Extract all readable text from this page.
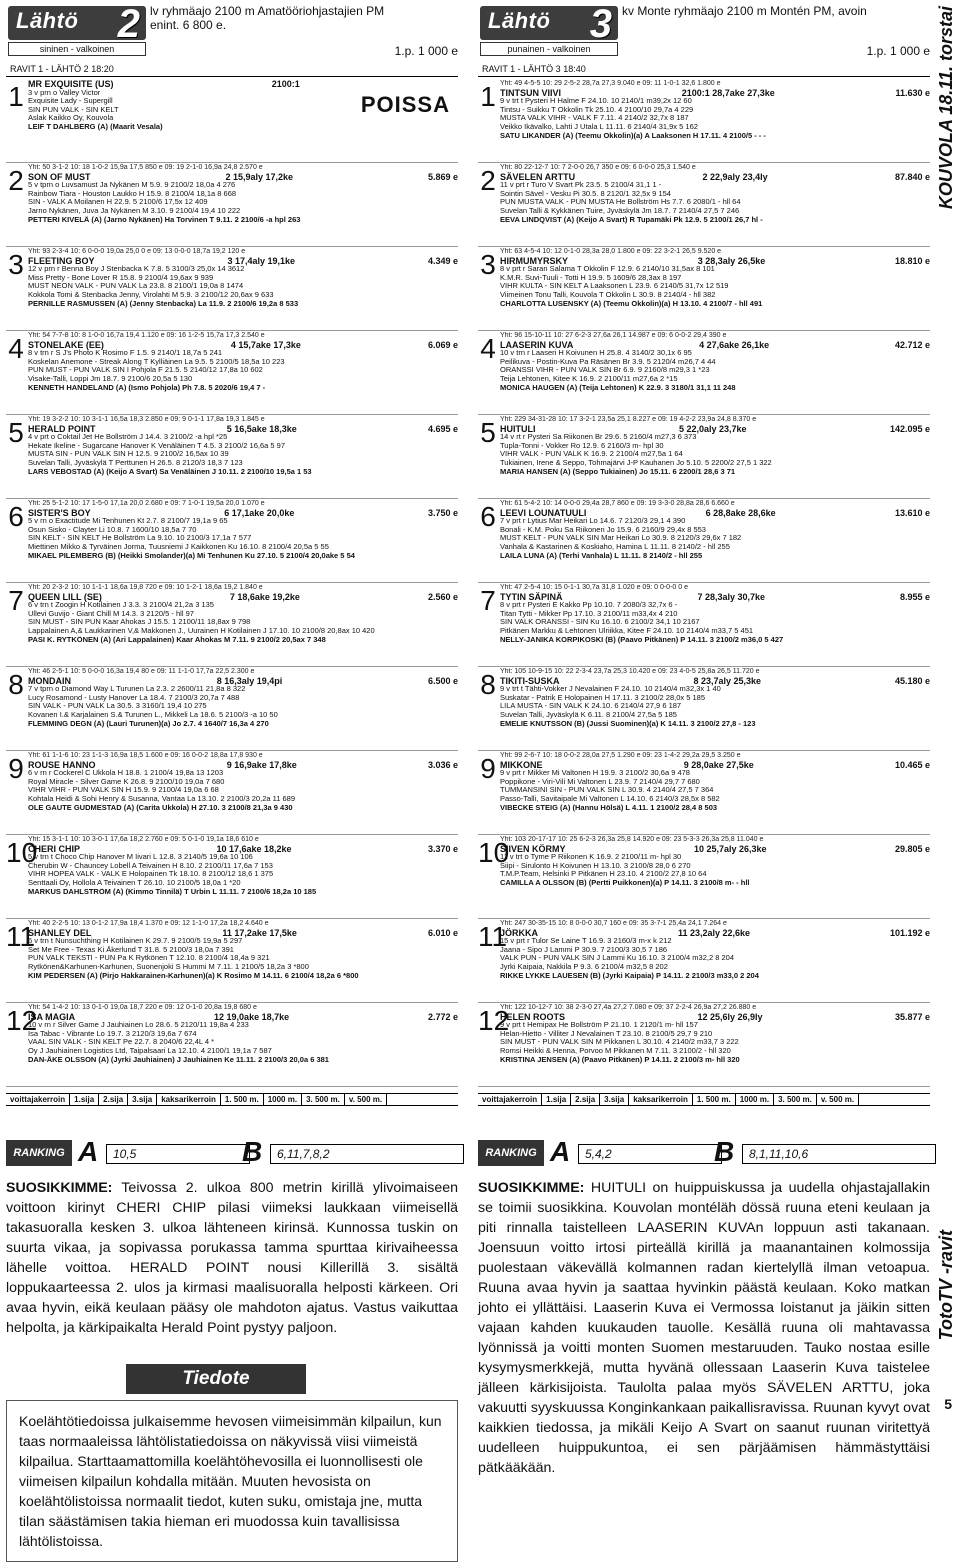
Lähtö 2
sininen - valkoinen
lv ryhmäajo 2100 m Amatööriohjastajien PM
enint. 6 800 e.
1.p. 1 000 e
RAVIT 1 - LÄHTÖ 2 18:20
1 MR EXQUISITE (US)	2100:1
3 v prn o Valley Victor
Exquisite Lady - Supergill
SIN PUN VALK - SIN KELT
Aslak Kaikko Oy, Kouvola
LEIF T DAHLBERG (A) (Maarit Vesala)
POISSA
2 Yht: 50 3-1-2 10: 18 1-0-2 15,9a 17,5 850 e 09: 19 2-1-0 16,9a 24,8 2.570 e
SON OF MUST	2 15,9aly 17,2ke	5.869 e
5 v tprn o Luvsamust Ja Nykänen M 5.9. 9 2100/2 18,0a 4 276
Rainbow Tiara - Houston Laukko H 15.9. 8 2100/4 18,1a 8 668
SIN - VALK A Moilanen H 22.9. 5 2100/6 17,5x 12 409
Jarno Nykänen, Juva Ja Nykänen M 3.10. 9 2100/4 19,4 10 222
PETTERI KIVELÄ (A) (Jarno Nykänen) Ha Torvinen T 9.11. 2 2100/6 -a hpl 263
3 Yht: 93 2-3-4 10: 6 0-0-0 19,0a 25,0 0 e 09: 13 0-0-0 18,7a 19,2 120 e
FLEETING BOY	3 17,4aly 19,1ke	4.349 e
12 v prn r Benna Boy J Stenbacka K 7.8. 5 3100/3 25,0x 14 3612
Miss Pretty - Bone Lover R 15.8. 9 2100/4 19,6ax 9 939
MUST NEON VALK - PUN VALK La 23.8. 8 2100/1 19,0a 8 1474
Kokkola Tomi & Stenbacka Jenny, Virolahti M 5.9. 3 2100/12 20,6ax 9 633
PERNILLE RASMUSSEN (A) (Jenny Stenbacka) La 11.9. 2 2100/6 19,2a 8 533
4 Yht: 54 7-7-8 10: 8 1-0-0 16,7a 19,4 1.120 e 09: 16 1-2-5 15,7a 17,3 2.540 e
STONELAKE (EE)	4 15,7ake 17,3ke	6.069 e
8 v trn r S J's Photo K Rosimo F 1.5. 9 2140/1 18,7a 5 241
Koskelan Anemone - Streak Along T Kylliäinen La 9.5. 5 2100/5 18,5a 10 223
PUN MUST - PUN VALK SIN I Pohjola F 21.5. 5 2140/12 17,8a 10 602
Visake-Talli, Loppi Jm 18.7. 9 2100/6 20,5a 5 130
KENNETH HANDELAND (A) (Ismo Pohjola) Ph 7.8. 5 2020/6 19,4 7 -
5 Yht: 19 3-2-2 10: 10 3-1-1 16,5a 18,3 2.850 e 09: 9 0-1-1 17,8a 19,3 1.845 e
HERALD POINT	5 16,5ake 18,3ke	4.695 e
4 v prt o Coktail Jet He Bollström J 14.4. 3 2100/2 -a hpl *25
Hekate Ikeline - Sugarcane Hanover K Venäläinen T 4.5. 3 2100/2 16,6a 5 97
MUSTA SIN - PUN VALK SIN H 12.5. 9 2100/2 16,5ax 10 39
Suvelan Talli, Jyväskylä T Perttunen H 26.5. 8 2120/3 18,3 7 123
LARS VEBOSTAD (A) (Keijo A Svart) Sa Venäläinen J 10.11. 2 2100/10 19,5a 1 53
6 Yht: 25 5-1-2 10: 17 1-5-0 17,1a 20,0 2.680 e 09: 7 1-0-1 19,5a 20,0 1.070 e
SISTER'S BOY	6 17,1ake 20,0ke	3.750 e
5 v rn o Exactitude Mi Tenhunen Kt 2.7. 8 2100/7 19,1a 9 65
Osun Sisko - Clayter Li 10.8. 7 1600/10 18,5a 7 70
SIN KELT - SIN KELT He Bollström La 9.10. 10 2100/3 17,1a 7 577
Miettinen Mikko & Tyrväinen Jorma, Tuusniemi J Kaikkonen Ku 16.10. 8 2100/4 20,5a 5 55
MIKAEL PILEMBERG (B) (Heikki Smolander)(a) Mi Tenhunen Ku 27.10. 5 2100/4 20,0ake 5 54
7 Yht: 20 2-3-2 10: 10 1-1-1 18,6a 19,8 720 e 09: 10 1-2-1 18,6a 19,2 1.840 e
QUEEN LILL (SE)	7 18,6ake 19,2ke	2.560 e
6 v trn t Zoogin H Kotilainen J 3.3. 3 2100/4 21,2a 3 135
Ullevi Guvijo - Giant Chill M 14.3. 3 2120/5 - hll 97
SIN MUST - SIN PUN Kaar Ahokas J 15.5. 1 2100/11 18,8ax 9 798
Lappalainen A,& Laukkarinen V,& Makkonen J., Uurainen H Kotilainen J 17.10. 10 2100/8 20,8ax 10 420
PASI K. RYTKÖNEN (A) (Ari Lappalainen) Kaar Ahokas M 7.11. 9 2100/2 20,5ax 7 348
8 Yht: 46 2-5-1 10: 5 0-0-0 16,3a 19,4 80 e 09: 11 1-1-0 17,7a 22,5 2.300 e
MONDAIN	8 16,3aly 19,4pi	6.500 e
7 v tprn o Diamond Way L Turunen La 2.3. 2 2600/11 21,8a 8 322
Lucy Rosamond - Lusty Hanover La 18.4. 7 2100/3 20,7a 7 488
SIN VALK - PUN VALK La 30.5. 3 3160/1 19,4 10 275
Kovanen I.& Karjalainen S.& Turunen L., Mikkeli La 18.6. 5 2100/3 -a 10 50
FLEMMING DEGN (A) (Lauri Turunen)(a) Jo 2.7. 4 1640/7 16,3a 4 270
9 Yht: 61 1-1-6 10: 23 1-1-3 16,9a 18,5 1.600 e 09: 16 0-0-2 18,8a 17,8 930 e
ROUSE HANNO	9 16,9ake 17,8ke	3.036 e
6 v rn r Cockerel C Ukkola H 18.8. 1 2100/4 19,8a 13 1203
Royal Miracle - Silver Game K 26.8. 9 2100/10 19,0a 7 680
VIHR VIHR - PUN VALK SIN H 15.9. 9 2100/4 19,0a 6 68
Kohtala Heidi & Sohi Henry & Susanna, Vantaa La 13.10. 2 2100/3 20,2a 11 689
OLE GAUTE GUDMESTAD (A) (Carita Ukkola) H 27.10. 3 2100/8 21,3a 9 430
10
Yht: 15 3-1-1 10: 10 3-0-1 17,6a 18,2 2.760 e 09: 5 0-1-0 19,1a 18,6 610 e
CHERI CHIP	10 17,6ake 18,2ke	3.370 e
5 v trn t Choco Chip Hanover M Iivari L 12.8. 3 2140/5 19,6a 10 106
Cherubin W - Chauncey Lobell A Teivainen H 8.10. 2 2100/11 17,6a 7 153
VIHR HOPEA VALK - VALK E Holopainen Tk 18.10. 8 2100/12 18,6 1 375
Senttaali Oy, Hollola A Teivainen T 26.10. 10 2100/5 18,0a 1 *20
MARKUS DAHLSTRÖM (A) (Kimmo Tinnilä) T Urbin L 11.11. 7 2100/6 18,2a 10 185
11
Yht: 40 2-2-5 10: 13 0-1-2 17,9a 18,4 1.370 e 09: 12 1-1-0 17,2a 18,2 4.640 e
SHANLEY DEL	11 17,2ake 17,5ke	6.010 e
6 v trn t Nunsuchthing H Kotilainen K 29.7. 9 2100/5 19,9a 5 297
Set Me Free - Texas Ki Åkerlund T 31.8. 5 2100/3 18,0a 7 391
PUN VALK TEKSTI - PUN Pa K Rytkönen T 12.10. 8 2100/4 18,4a 9 321
Rytkönen&Karhunen-Karhunen, Suonenjoki S Hummi M 7.11. 1 2100/5 18,2a 3 *800
KIM PEDERSEN (A) (Pirjo Hakkarainen-Karhunen)(a) K Rosimo M 14.11. 6 2100/4 18,2a 6 *800
12
Yht: 54 1-4-2 10: 13 0-1-0 19,0a 18,7 220 e 09: 12 0-1-0 20,8a 19,8 680 e
ISA MAGIA	12 19,0ake 18,7ke	2.772 e
10 v rn r Silver Game J Jauhiainen Lo 28.6. 5 2120/11 19,8a 4 233
Isa Tabac - Vibrante Lo 19.7. 3 2120/3 19,6a 7 674
VAAL SIN VALK - SIN KELT Pe 22.7. 8 2040/6 22,4L 4 *
Oy J Jauhiainen Logistics Ltd, Taipalsaari La 12.10. 4 2100/1 19,1a 7 587
DAN-ÅKE OLSSON (A) (Jyrki Jauhiainen) J Jauhiainen Ke 11.11. 2 2100/3 20,0a 6 381
voittajakerroin	1.sija	2.sija	3.sija	kaksarikerroin	1. 500 m.	1000 m.	3. 500 m.	v. 500 m.
RANKING A	10,5	B	6,11,7,8,2
SUOSIKKIMME: Teivossa 2. ulkoa 800 metrin kirillä ylivoimaiseen voittoon kirinyt CHERI CHIP pilasi viimeksi laukkaan viimeisellä takasuoralla kesken 3. ulkoa lähteneen kirinsä. Kunnossa tuskin on suurta vikaa, ja sopivassa porukassa tamma spurttaa kirivaiheessa lähelle voittoa. HERALD POINT nousi Killerillä 3. sisältä loppukaarteessa 2. ulos ja kirmasi maalisuoralla helposti kärkeen. Ori avaa hyvin, eikä keulaan pääsy ole mahdoton ajatus. Vastus vaikuttaa helpolta, ja kärkipaikalta Herald Point pystyy paljoon.
Tiedote
Koelähtötiedoissa julkaisemme hevosen viimeisimmän kilpailun, kun taas normaaleissa lähtölistatiedoissa on näkyvissä viisi viimeistä kilpailua. Starttaamattomilla koelähtöhevosilla ei luonnollisesti ole viimeisen kilpailun kohdalla mitään. Muuten hevosista on koelähtölistoissa normaalit tiedot, kuten suku, omistaja jne, mutta tilan säästämisen takia hieman eri muodossa kuin tavallisissa lähtölistoissa.
Lähtö 3
punainen - valkoinen
kv Monte ryhmäajo 2100 m Montén PM, avoin
1.p. 1 000 e
RAVIT 1 - LÄHTÖ 3 18:40
1 Yht: 49 4-5-5 10: 29 2-5-2 28,7a 27,3 9.040 e 09: 11 1-0-1 32,6 1.800 e
TINTSUN VIIVI	2100:1 28,7ake 27,3ke	11.630 e
9 v trt t Pysteri H Halme F 24.10. 10 2140/1 m39,2x 12 60
Tintsu - Suikku T Okkolin Tk 25.10. 4 2100/10 29,7a 4 229
MUSTA VALK VIHR - VALK F 7.11. 4 2140/2 32,7x 8 187
Veikko Ikävalko, Lahti J Utala L 11.11. 6 2140/4 31,9x 5 162
SATU LIKANDER (A) (Teemu Okkolin)(a) A Laaksonen H 17.11. 4 2100/5 - - -
2 Yht: 80 22-12-7 10: 7 2-0-0 26,7 350 e 09: 6 0-0-0 25,3 1.540 e
SÄVELEN ARTTU	2 22,9aly 23,4ly	87.840 e
11 v prt r Turo V Svart Pk 23.5. 5 2100/4 31,1 1 -
Sointin Sävel - Vesku Pi 30.5. 8 2120/1 32,5x 9 154
PUN MUSTA VALK - PUN MUSTA He Bollström Hs 7.7. 6 2080/1 - hll 64
Suvelan Talli & Kykkänen Tuire, Jyväskylä Jm 18.7. 7 2140/4 27,5 7 246
EEVA LINDQVIST (A) (Keijo A Svart) R Tupamäki Pk 12.9. 5 2100/1 26,7 hl -
3 Yht: 63 4-5-4 10: 12 0-1-0 28,3a 28,0 1.800 e 09: 22 3-2-1 26,5 9.520 e
HIRMUMYRSKY	3 28,3aly 26,5ke	18.810 e
8 v prt r Saran Salama T Okkolin F 12.9. 6 2140/10 31,5ax 8 101
K.M.R. Suvi-Tuuli - Totti H 19.9. 5 1609/6 28,3ax 8 197
VIHR KULTA - SIN KELT A Laaksonen L 23.9. 6 2140/5 31,7x 12 519
Viimeinen Tonu Talli, Kouvola T Okkolin L 30.9. 8 2140/4 - hll 382
CHARLOTTA LUSENSKY (A) (Teemu Okkolin)(a) H 13.10. 4 2100/7 - hll 491
4 Yht: 96 15-10-11 10: 27 6-2-3 27,6a 26,1 14.987 e 09: 6 0-0-2 29,4 390 e
LAASERIN KUVA	4 27,6ake 26,1ke	42.712 e
10 v trn r Laaseri H Koivunen H 25.8. 4 3140/2 30,1x 6 95
Peilikuva - Postin-Kuva Pa Räsänen Br 3.9. 5 2120/4 m26,7 4 44
ORANSSI VIHR - PUN VALK SIN Br 6.9. 9 2160/8 m29,3 1 *23
Teija Lehtonen, Kitee K 16.9. 2 2100/11 m27,6a 2 *15
MONICA HAUGEN (A) (Teija Lehtonen) K 22.9. 3 3180/1 31,1 11 248
5 Yht: 229 34-31-28 10: 17 3-2-1 23,5a 25,1 8.227 e 09: 19 4-2-2 23,9a 24,8 8.370 e
HUITULI	5 22,0aly 23,7ke	142.095 e
14 v rt r Pysteri Sa Riikonen Br 29.6. 5 2160/4 m27,3 6 373
Tupla-Tonni - Vokker Ro 12.9. 6 2160/3 m- hpl 30
VIHR VALK - PUN VALK K 16.9. 2 2100/4 m27,5a 1 64
Tukiainen, Irene & Seppo, Tohmajärvi J-P Kauhanen Jo 5.10. 5 2200/2 27,5 1 322
MARIA HANSEN (A) (Seppo Tukiainen) Jo 15.11. 6 2200/1 28,6 3 71
6 Yht: 61 5-4-2 10: 14 0-0-0 29,4a 28,7 860 e 09: 19 3-3-0 28,8a 28,6 6.660 e
LEEVI LOUNATUULI	6 28,8ake 28,6ke	13.610 e
7 v prt r Lytius Mar Heikari Lo 14.6. 7 2120/3 29,1 4 390
Bonali - K.M. Poku Sa Riikonen Jo 15.9. 6 2160/9 29,4x 8 553
MUST KELT - PUN VALK SIN Mar Heikari Lo 30.9. 8 2120/3 29,6x 7 182
Vanhala & Kastarinen & Koskiaho, Hamina L 11.11. 8 2140/2 - hll 255
LAILA LUNA (A) (Terhi Vanhala) L 11.11. 8 2140/2 - hll 255
7 Yht: 47 2-5-4 10: 15 0-1-1 30,7a 31,8 1.020 e 09: 0 0-0-0 0 e
TYTIN SÄPINÄ	7 28,3aly 30,7ke	8.955 e
8 v prt r Pysteri E Kakko Pp 10.10. 7 2080/3 32,7x 6 -
Titan Tytti - Mikker Pp 17.10. 3 2100/11 m33,4x 4 210
SIN VALK ORANSSI - SIN Ku 16.10. 6 2100/2 34,1 10 2167
Pitkänen Markku & Lehtonen Ulriikka, Kitee F 24.10. 10 2140/4 m33,7 5 451
NELLY-JANIKA KORPIKOSKI (B) (Paavo Pitkänen) P 14.11. 3 2100/2 m36,0 5 427
8 Yht: 105 10-9-15 10: 22 2-3-4 23,7a 25,3 10.420 e 09: 23 4-0-5 25,8a 26,5 11.720 e
TIKITI-SUSKA	8 23,7aly 25,3ke	45.180 e
9 v trt t Tähti-Vokker J Nevalainen F 24.10. 10 2140/4 m32,3x 1 40
Suskatar - Patrik E Holopainen H 17.11. 3 2100/2 28,0x 5 185
LILA MUSTA - SIN VALK K 24.10. 6 2140/4 27,9 6 187
Suvelan Talli, Jyväskylä K 6.11. 8 2100/4 27,5a 5 185
EMELIE KNUTSSON (B) (Jussi Suominen)(a) K 14.11. 3 2100/2 27,8 - 123
9 Yht: 99 2-6-7 10: 18 0-0-2 28,0a 27,5 1.290 e 09: 23 1-4-2 29,2a 29,5 3.250 e
MIKKONE	9 28,0ake 27,5ke	10.465 e
9 v prt r Mikker Mi Valtonen H 19.9. 3 2100/2 30,6a 9 478
Poppikone - Viri-Vili Mi Valtonen L 23.9. 7 2140/4 29,7 7 680
TUMMANSINI SIN - PUN VALK SIN L 30.9. 4 2140/4 27,5 7 364
Passo-Talli, Savitaipale Mi Valtonen L 14.10. 6 2140/3 28,5x 8 582
VIBECKE STEIG (A) (Hannu Hölsä) L 4.11. 1 2100/2 28,4 8 503
10
Yht: 103 20-17-17 10: 25 6-2-3 26,3a 25,8 14.920 e 09: 23 5-3-3 26,3a 25,8 11.040 e
SIIVEN KÖRMY	10 25,7aly 26,3ke	29.805 e
11 v trt o Tyme P Riikonen K 16.9. 2 2100/11 m- hpl 30
Siipi - Sirulonto H Koivunen H 13.10. 3 2100/8 28,0 6 270
T.M.P.Team, Helsinki P Pitkänen H 23.10. 4 2100/2 27,8 10 64
CAMILLA A OLSSON (B) (Pertti Puikkonen)(a) P 14.11. 3 2100/8 m- - hll
11
Yht: 247 30-35-15 10: 8 0-0-0 30,7 160 e 09: 35 3-7-1 25,4a 24,1 7.264 e
JÖRKKA	11 23,2aly 22,6ke	101.192 e
15 v prt r Tulor Se Laine T 16.9. 3 2160/3 m-x k 212
Jaana - Sipo J Lammi P 30.9. 7 2100/3 30,5 7 186
VALK PUN - PUN VALK SIN J Lammi Ku 16.10. 3 2100/4 m32,2 8 204
Jyrki Kaipaia, Nakkila P 9.3. 6 2100/4 m32,5 8 202
RIKKE LYKKE LAUESEN (B) (Jyrki Kaipaia) P 14.11. 2 2100/3 m33,0 2 204
12
Yht: 122 10-12-7 10: 38 2-3-0 27,4a 27,2 7.080 e 09: 37 2-2-4 26,9a 27,2 26.880 e
HELEN ROOTS	12 25,6ly 26,9ly	35.877 e
9 v prt t Hemipax He Bollström P 21.10. 1 2120/1 m- hll 157
Helan-Hietto - Villiter J Nevalainen T 23.10. 8 2100/5 29,7 9 210
SIN MUST - PUN VALK SIN M Pikkanen L 30.10. 4 2140/2 m33,7 3 222
Romsi Heikki & Henna, Porvoo M Pikkanen M 7.11. 3 2100/2 - hll 320
KRISTINA JENSEN (A) (Paavo Pitkänen) P 14.11. 2 2100/3 m- hll 320
voittajakerroin	1.sija	2.sija	3.sija	kaksarikerroin	1. 500 m.	1000 m.	3. 500 m.	v. 500 m.
RANKING A	5,4,2	B	8,1,11,10,6
SUOSIKKIMME: HUITULI on huippuiskussa ja uudella ohjastajallakin se toimii suosikkina. Kouvolan montéläh dössä ruuna eteni keulaan ja piti rinnalla taistelleen LAASERIN KUVAn loppuun asti takanaan. Joensuun voitto irtosi pirteällä kirillä ja maanantainen kolmossija puolestaan väkevällä kolmannen radan kiertelyllä ilman vetoapua. Ruuna avaa hyvin ja saattaa hyvinkin päästä keulaan. Koko matkan johto ei yllättäisi. Laaserin Kuva ei Vermossa loistanut ja jäikin sitten vajaan kahden kuukauden tauolle. Kesällä ruuna oli mahtavassa lyönnissä ja voitti monten Suomen mestaruuden. Tauko nostaa esille kysymysmerkkejä, mutta hyvänä ollessaan Laaserin Kuva taistelee jälleen kärkisijoista. Taulolta palaa myös SÄVELEN ARTTU, joka vakuutti syyskuussa Konginkankaan paikallisravissa. Ruunan kyvyt ovat kaikkien tiedossa, ja mikäli Keijo A Svart on saanut ruunan viritettyä uudelleen huippukuntoa, ei sen pärjäämisen hämmästyttäisi pätkääkään.
KOUVOLA 18.11. torstai
TotoTV -ravit
5
